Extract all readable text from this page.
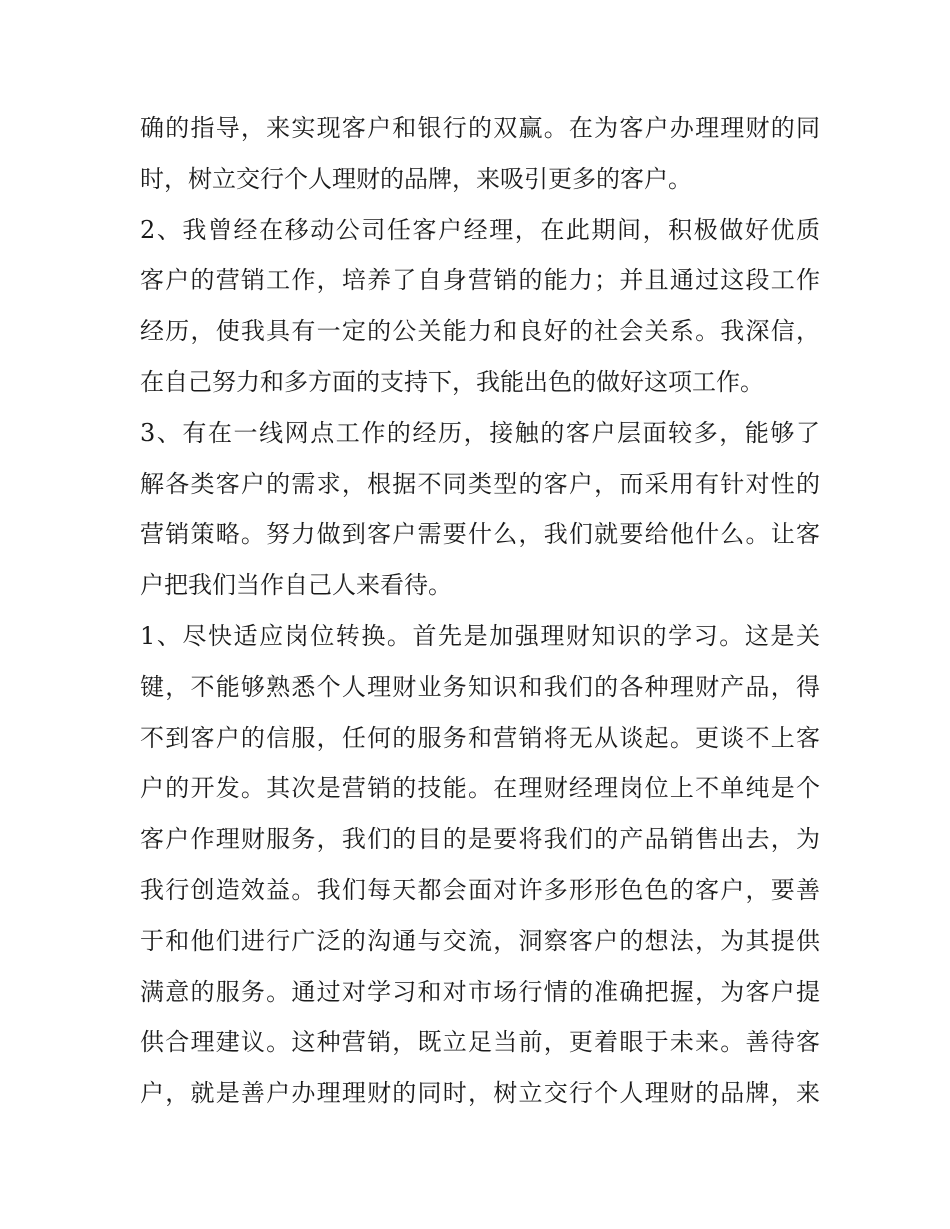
确的指导，来实现客户和银行的双赢。在为客户办理理财的同
时，树立交行个人理财的品牌，来吸引更多的客户。
2、我曾经在移动公司任客户经理，在此期间，积极做好优质
客户的营销工作，培养了自身营销的能力；并且通过这段工作
经历，使我具有一定的公关能力和良好的社会关系。我深信，
在自己努力和多方面的支持下，我能出色的做好这项工作。
3、有在一线网点工作的经历，接触的客户层面较多，能够了
解各类客户的需求，根据不同类型的客户，而采用有针对性的
营销策略。努力做到客户需要什么，我们就要给他什么。让客
户把我们当作自己人来看待。
1、尽快适应岗位转换。首先是加强理财知识的学习。这是关
键，不能够熟悉个人理财业务知识和我们的各种理财产品，得
不到客户的信服，任何的服务和营销将无从谈起。更谈不上客
户的开发。其次是营销的技能。在理财经理岗位上不单纯是个
客户作理财服务，我们的目的是要将我们的产品销售出去，为
我行创造效益。我们每天都会面对许多形形色色的客户，要善
于和他们进行广泛的沟通与交流，洞察客户的想法，为其提供
满意的服务。通过对学习和对市场行情的准确把握，为客户提
供合理建议。这种营销，既立足当前，更着眼于未来。善待客
户，就是善户办理理财的同时，树立交行个人理财的品牌，来
